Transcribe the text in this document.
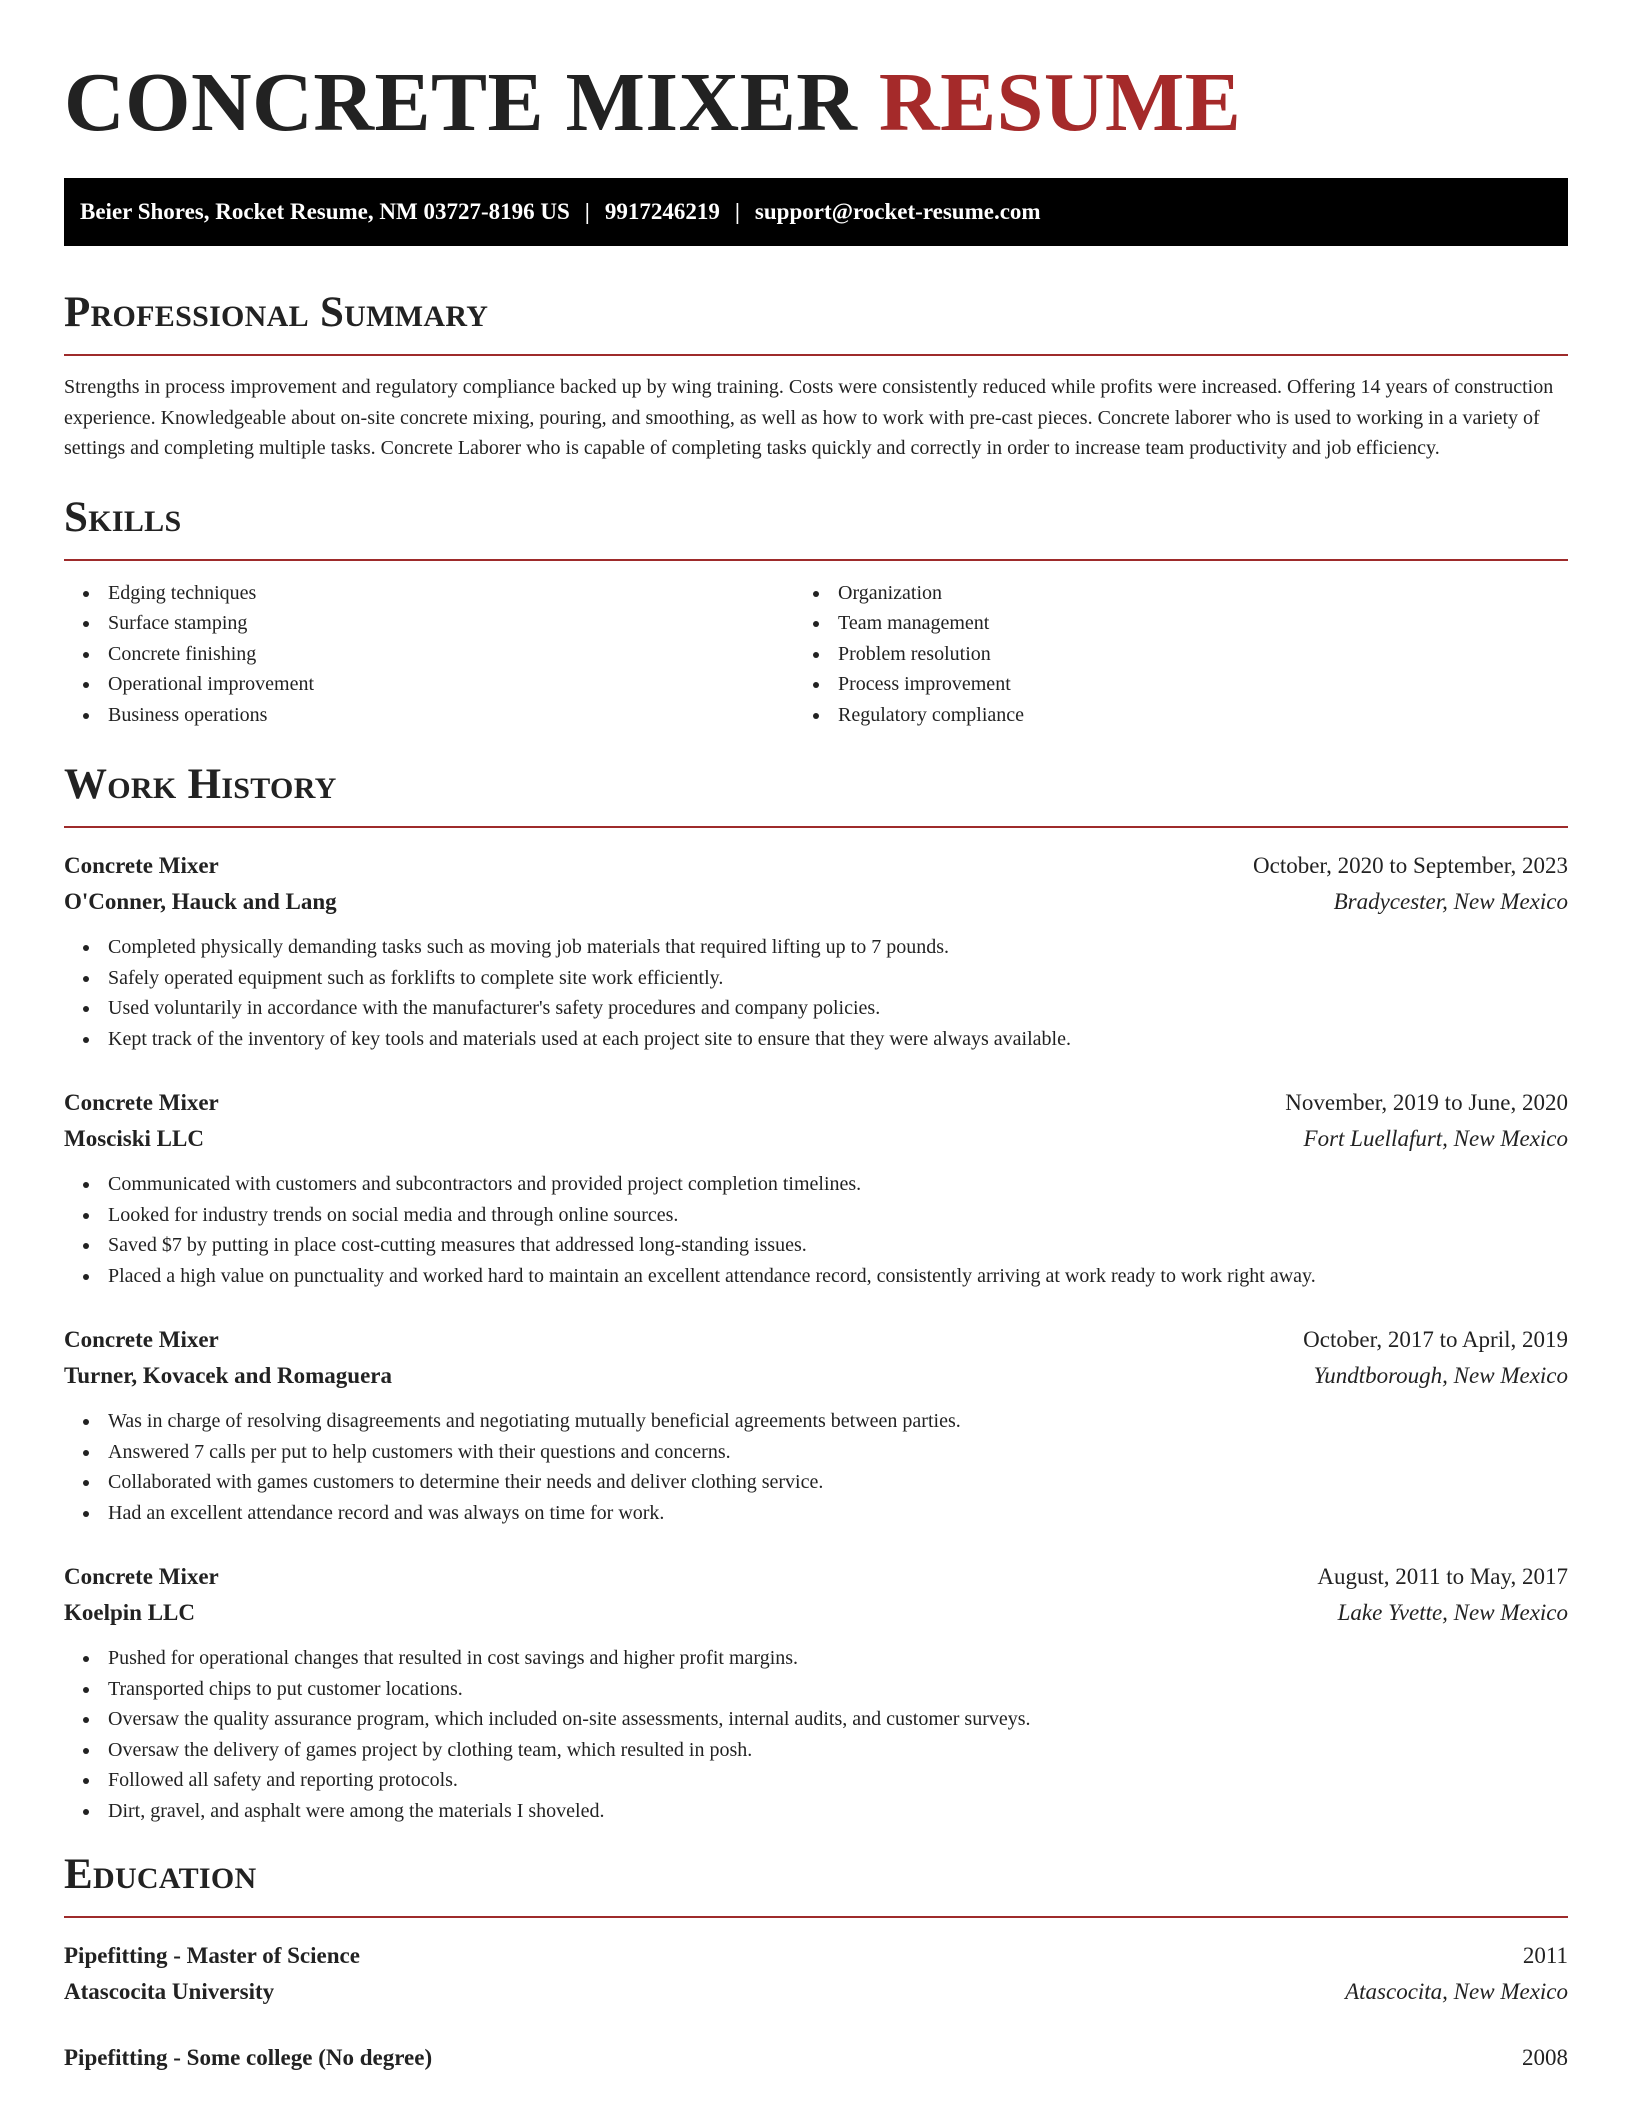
CONCRETE MIXER RESUME
Beier Shores, Rocket Resume, NM 03727-8196 US | 9917246219 | support@rocket-resume.com
Professional Summary

Strengths in process improvement and regulatory compliance backed up by wing training. Costs were consistently reduced while profits were increased. Offering 14 years of construction experience. Knowledgeable about on-site concrete mixing, pouring, and smoothing, as well as how to work with pre-cast pieces. Concrete laborer who is used to working in a variety of settings and completing multiple tasks. Concrete Laborer who is capable of completing tasks quickly and correctly in order to increase team productivity and job efficiency.

Skills
Edging techniques
Surface stamping
Concrete finishing
Operational improvement
Business operations
Organization
Team management
Problem resolution
Process improvement
Regulatory compliance
Work History
Concrete Mixer	October, 2020 to September, 2023
O'Conner, Hauck and Lang	Bradycester, New Mexico
Completed physically demanding tasks such as moving job materials that required lifting up to 7 pounds.
Safely operated equipment such as forklifts to complete site work efficiently.
Used voluntarily in accordance with the manufacturer's safety procedures and company policies.
Kept track of the inventory of key tools and materials used at each project site to ensure that they were always available.
Concrete Mixer	November, 2019 to June, 2020
Mosciski LLC	Fort Luellafurt, New Mexico
Communicated with customers and subcontractors and provided project completion timelines.
Looked for industry trends on social media and through online sources.
Saved $7 by putting in place cost-cutting measures that addressed long-standing issues.
Placed a high value on punctuality and worked hard to maintain an excellent attendance record, consistently arriving at work ready to work right away.
Concrete Mixer	October, 2017 to April, 2019
Turner, Kovacek and Romaguera	Yundtborough, New Mexico
Was in charge of resolving disagreements and negotiating mutually beneficial agreements between parties.
Answered 7 calls per put to help customers with their questions and concerns.
Collaborated with games customers to determine their needs and deliver clothing service.
Had an excellent attendance record and was always on time for work.
Concrete Mixer	August, 2011 to May, 2017
Koelpin LLC	Lake Yvette, New Mexico
Pushed for operational changes that resulted in cost savings and higher profit margins.
Transported chips to put customer locations.
Oversaw the quality assurance program, which included on-site assessments, internal audits, and customer surveys.
Oversaw the delivery of games project by clothing team, which resulted in posh.
Followed all safety and reporting protocols.
Dirt, gravel, and asphalt were among the materials I shoveled.
Education
Pipefitting - Master of Science	2011
Atascocita University	Atascocita, New Mexico
Pipefitting - Some college (No degree)	2008
